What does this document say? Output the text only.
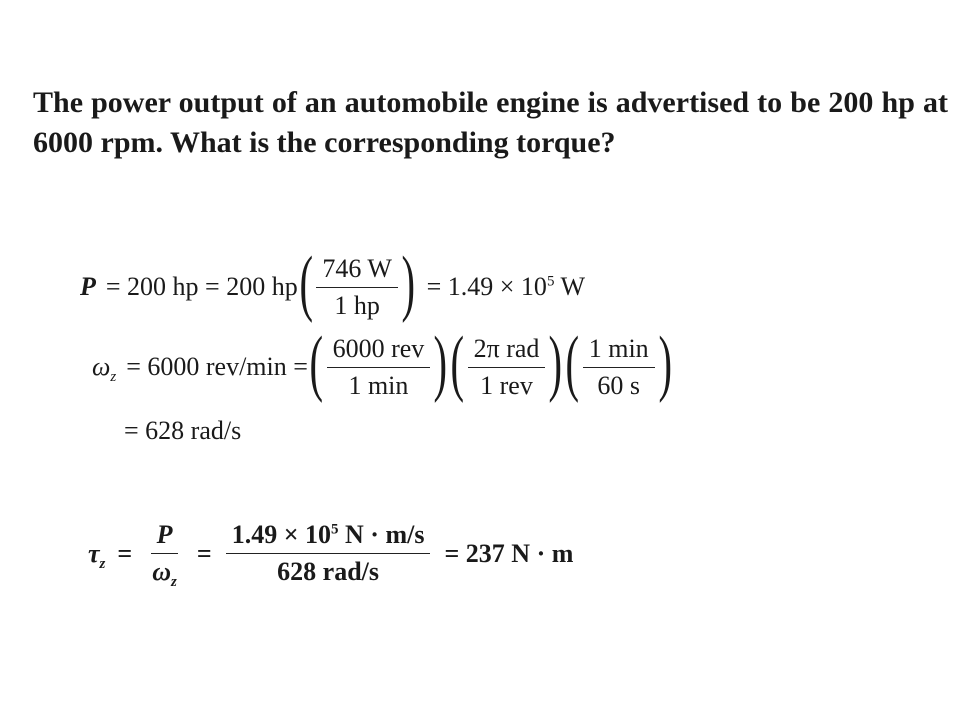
The power output of an automobile engine is advertised to be 200 hp at 6000 rpm. What is the corresponding torque?
P = 200 hp = 200 hp ( $\frac{746 W}{1 hp}$ ) = $1.49 \times 10^5$ W
$\omega_z = 6000$ rev/min = ( $\frac{\text{6000 rev}}{1 \min}$ ) ( $\frac{\text{2π rad}}{\text{1 rev}}$ ) ( $\frac{1 \min}{60 s}$ )
= 628 rad/s
$\tau_z = \frac{P}{\omega_z} = \frac{1.49 \times 10^5 N \cdot m/s}{\text{628 rad/s}} = 237$ N · m
